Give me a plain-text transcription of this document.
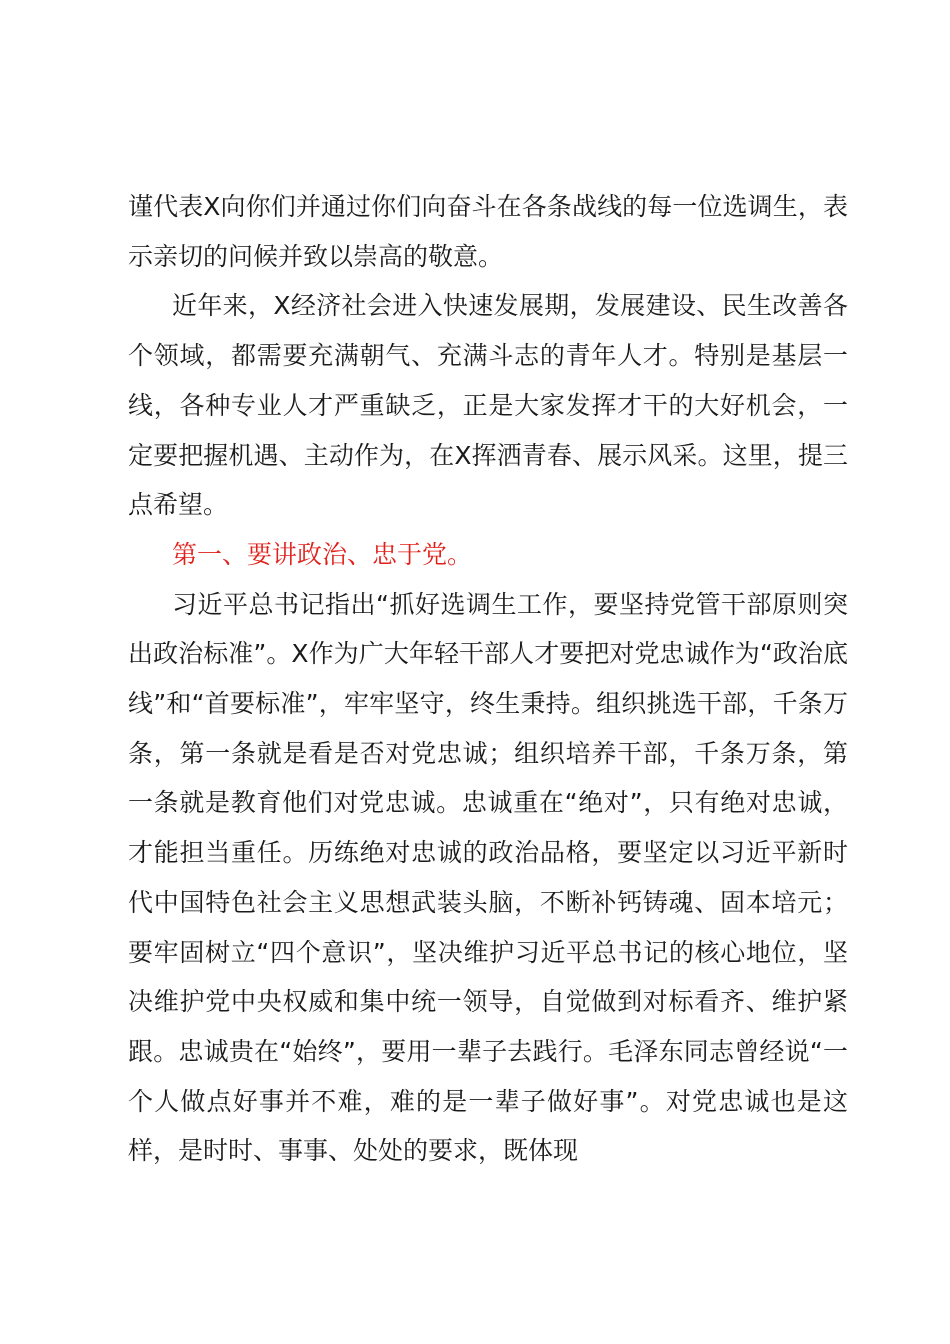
谨代表X向你们并通过你们向奋斗在各条战线的每一位选调生，表示亲切的问候并致以崇高的敬意。

近年来，X经济社会进入快速发展期，发展建设、民生改善各个领域，都需要充满朝气、充满斗志的青年人才。特别是基层一线，各种专业人才严重缺乏，正是大家发挥才干的大好机会，一定要把握机遇、主动作为，在X挥洒青春、展示风采。这里，提三点希望。

第一、要讲政治、忠于党。

习近平总书记指出“抓好选调生工作，要坚持党管干部原则突出政治标准”。X作为广大年轻干部人才要把对党忠诚作为“政治底线”和“首要标准”，牢牢坚守，终生秉持。组织挑选干部，千条万条，第一条就是看是否对党忠诚；组织培养干部，千条万条，第一条就是教育他们对党忠诚。忠诚重在“绝对”，只有绝对忠诚，才能担当重任。历练绝对忠诚的政治品格，要坚定以习近平新时代中国特色社会主义思想武装头脑，不断补钙铸魂、固本培元；要牢固树立“四个意识”，坚决维护习近平总书记的核心地位，坚决维护党中央权威和集中统一领导，自觉做到对标看齐、维护紧跟。忠诚贵在“始终”，要用一辈子去践行。毛泽东同志曾经说“一个人做点好事并不难，难的是一辈子做好事”。对党忠诚也是这样，是时时、事事、处处的要求，既体现
